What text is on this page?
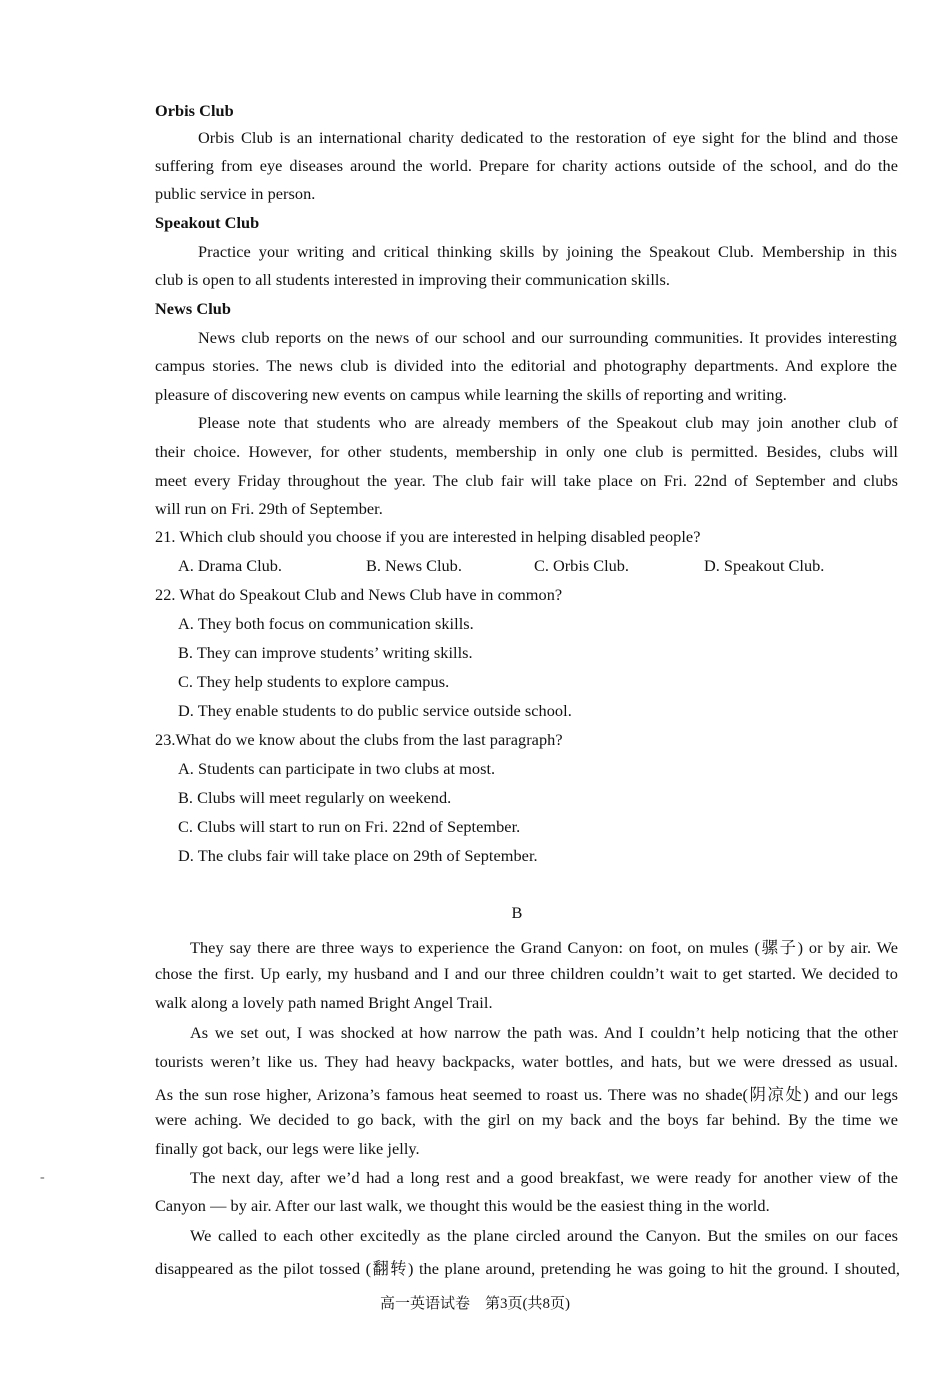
Orbis Club
Orbis Club is an international charity dedicated to the restoration of eye sight for the blind and those
suffering from eye diseases around the world. Prepare for charity actions outside of the school, and do the
public service in person.
Speakout Club
Practice your writing and critical thinking skills by joining the Speakout Club. Membership in this
club is open to all students interested in improving their communication skills.
News Club
News club reports on the news of our school and our surrounding communities. It provides interesting
campus stories. The news club is divided into the editorial and photography departments. And explore the
pleasure of discovering new events on campus while learning the skills of reporting and writing.
Please note that students who are already members of the Speakout club may join another club of
their choice. However, for other students, membership in only one club is permitted. Besides, clubs will
meet every Friday throughout the year. The club fair will take place on Fri. 22nd of September and clubs
will run on Fri. 29th of September.
21. Which club should you choose if you are interested in helping disabled people?
A. Drama Club.	B. News Club.	C. Orbis Club.	D. Speakout Club.
22. What do Speakout Club and News Club have in common?
A. They both focus on communication skills.
B. They can improve students’ writing skills.
C. They help students to explore campus.
D. They enable students to do public service outside school.
23.What do we know about the clubs from the last paragraph?
A. Students can participate in two clubs at most.
B. Clubs will meet regularly on weekend.
C. Clubs will start to run on Fri. 22nd of September.
D. The clubs fair will take place on 29th of September.
B
They say there are three ways to experience the Grand Canyon: on foot, on mules (骡子) or by air. We
chose the first. Up early, my husband and I and our three children couldn’t wait to get started. We decided to
walk along a lovely path named Bright Angel Trail.
As we set out, I was shocked at how narrow the path was. And I couldn’t help noticing that the other
tourists weren’t like us. They had heavy backpacks, water bottles, and hats, but we were dressed as usual.
As the sun rose higher, Arizona’s famous heat seemed to roast us. There was no shade(阴凉处) and our legs
were aching. We decided to go back, with the girl on my back and the boys far behind. By the time we
finally got back, our legs were like jelly.
The next day, after we’d had a long rest and a good breakfast, we were ready for another view of the
Canyon — by air. After our last walk, we thought this would be the easiest thing in the world.
We called to each other excitedly as the plane circled around the Canyon. But the smiles on our faces
disappeared as the pilot tossed (翻转) the plane around, pretending he was going to hit the ground. I shouted,
-
高一英语试卷　第3页(共8页)
